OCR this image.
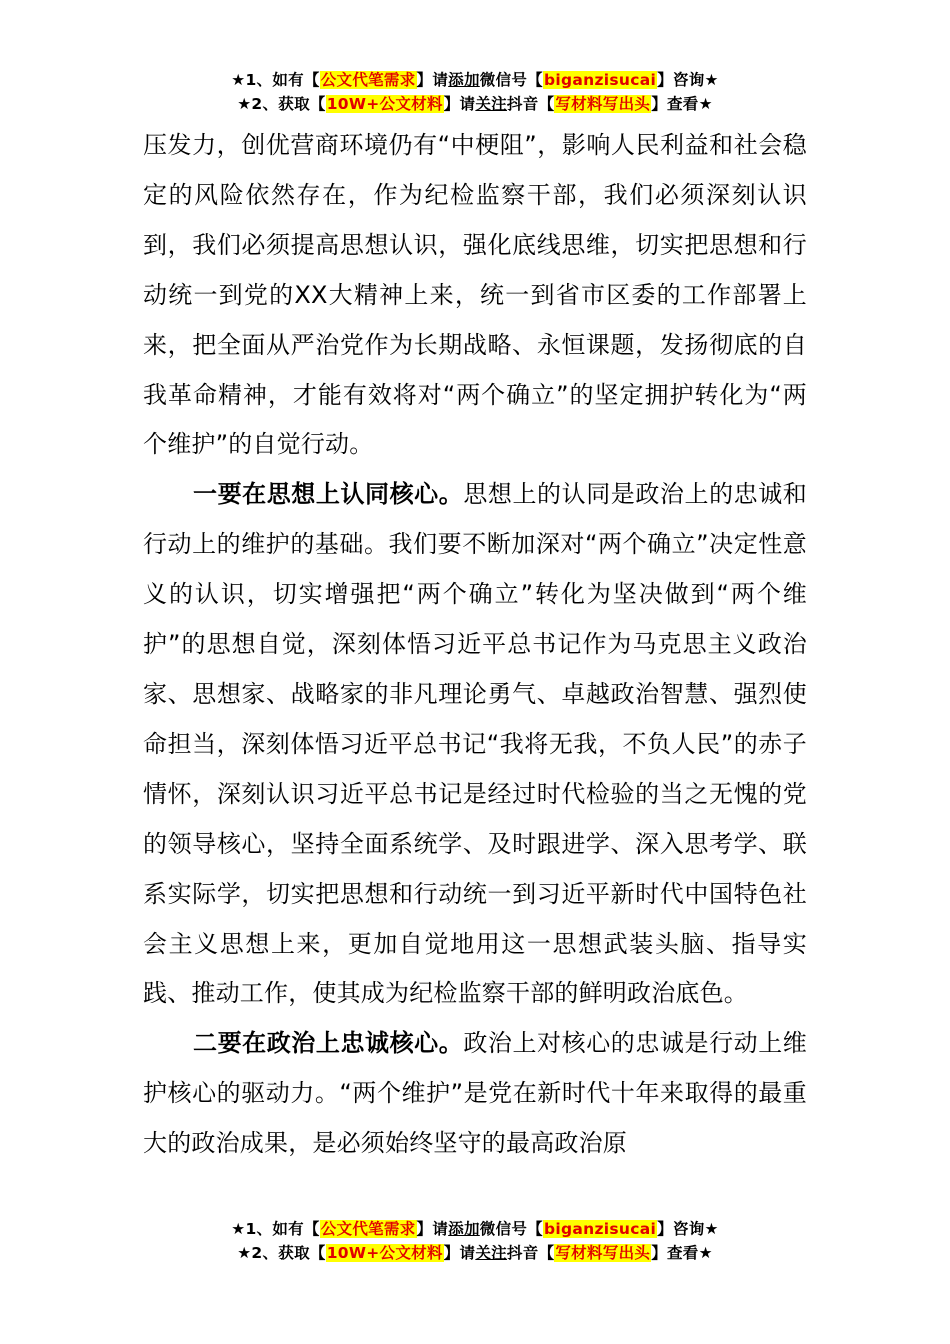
★1、如有【公文代笔需求】请添加微信号【biganzisucai】咨询★
★2、获取【10W+公文材料】请关注抖音【写材料写出头】查看★

压发力，创优营商环境仍有“中梗阻”，影响人民利益和社会稳定的风险依然存在，作为纪检监察干部，我们必须深刻认识到，我们必须提高思想认识，强化底线思维，切实把思想和行动统一到党的XX大精神上来，统一到省市区委的工作部署上来，把全面从严治党作为长期战略、永恒课题，发扬彻底的自我革命精神，才能有效将对“两个确立”的坚定拥护转化为“两个维护”的自觉行动。

一要在思想上认同核心。思想上的认同是政治上的忠诚和行动上的维护的基础。我们要不断加深对“两个确立”决定性意义的认识，切实增强把“两个确立”转化为坚决做到“两个维护”的思想自觉，深刻体悟习近平总书记作为马克思主义政治家、思想家、战略家的非凡理论勇气、卓越政治智慧、强烈使命担当，深刻体悟习近平总书记“我将无我，不负人民”的赤子情怀，深刻认识习近平总书记是经过时代检验的当之无愧的党的领导核心，坚持全面系统学、及时跟进学、深入思考学、联系实际学，切实把思想和行动统一到习近平新时代中国特色社会主义思想上来，更加自觉地用这一思想武装头脑、指导实践、推动工作，使其成为纪检监察干部的鲜明政治底色。

二要在政治上忠诚核心。政治上对核心的忠诚是行动上维护核心的驱动力。“两个维护”是党在新时代十年来取得的最重大的政治成果，是必须始终坚守的最高政治原

★1、如有【公文代笔需求】请添加微信号【biganzisucai】咨询★
★2、获取【10W+公文材料】请关注抖音【写材料写出头】查看★
